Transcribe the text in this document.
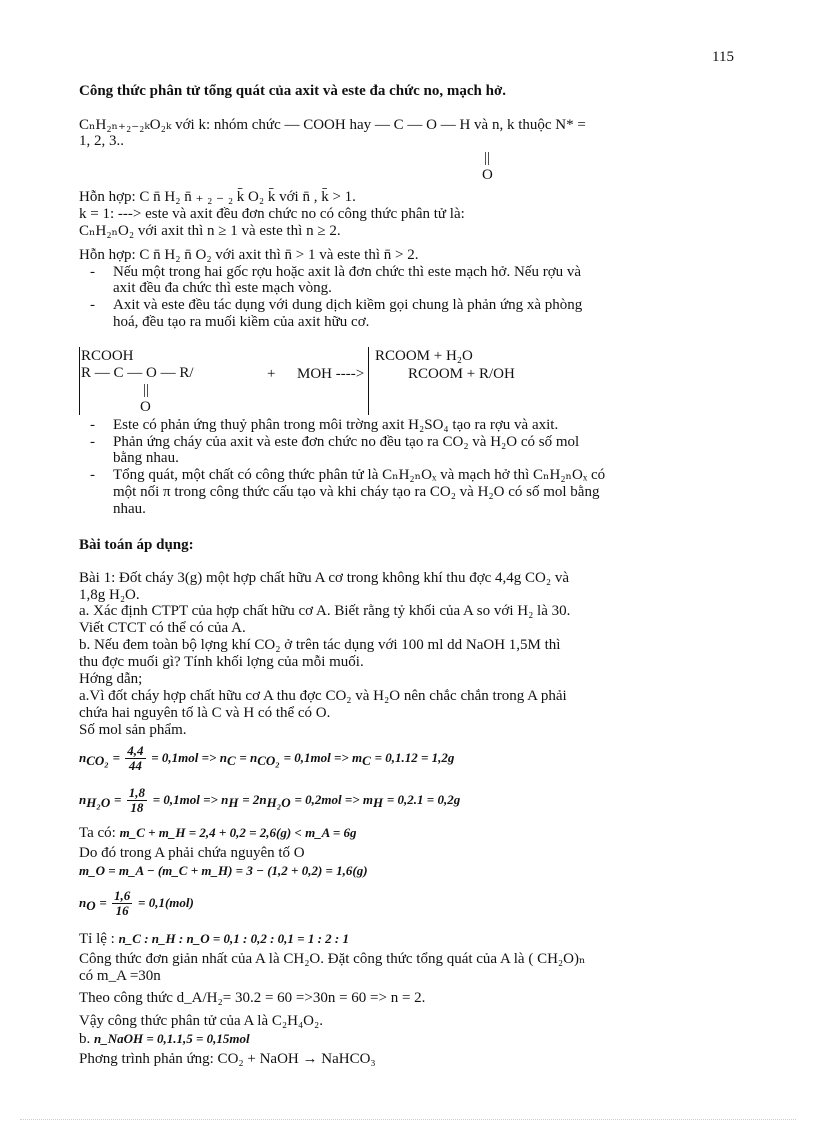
115
Công thức phân tử tổng quát của axit và este đa chức no, mạch hở.
CₙH₂ₙ₊₂₋₂ₖO₂ₖ với k: nhóm chức — COOH hay — C — O — H và n, k thuộc N* =
1, 2, 3..
||
O
Hỗn hợp: C n̄ H₂ n̄ ₊ ₂ ₋ ₂ k̄ O₂ k̄ với n̄ , k̄ > 1.
k = 1: ---> este và axit đều đơn chức no có công thức phân tử là:
CₙH₂ₙO₂ với axit thì n ≥ 1 và este thì n ≥ 2.
Hỗn hợp: C n̄ H₂ n̄ O₂ với axit thì n̄ > 1 và este thì n̄ > 2.
- Nếu một trong hai gốc rợu hoặc axit là đơn chức thì este mạch hở. Nếu rợu và
axit đều đa chức thì este mạch vòng.
- Axit và este đều tác dụng với dung dịch kiềm gọi chung là phản ứng xà phòng
hoá, đều tạo ra muối kiềm của axit hữu cơ.
RCOOH
R — C — O — R/
||
O
+ MOH ---->
RCOOM + H₂O
RCOOM + R/OH
- Este có phản ứng thuỷ phân trong môi trờng axit H₂SO₄ tạo ra rợu và axit.
- Phản ứng cháy của axit và este đơn chức no đều tạo ra CO₂ và H₂O có số mol
bằng nhau.
- Tổng quát, một chất có công thức phân tử là CₙH₂ₙOₓ và mạch hở thì CₙH₂ₙOₓ có
một nối π trong công thức cấu tạo và khi cháy tạo ra CO₂ và H₂O có số mol bằng
nhau.
Bài toán áp dụng:
Bài 1: Đốt cháy 3(g) một hợp chất hữu A cơ trong không khí thu đợc 4,4g CO₂ và
1,8g H₂O.
a. Xác định CTPT của hợp chất hữu cơ A. Biết rằng tỷ khối của A so với H₂ là 30.
Viết CTCT có thể có của A.
b. Nếu đem toàn bộ lợng khí CO₂ ở trên tác dụng với 100 ml dd NaOH 1,5M thì
thu đợc muối gì? Tính khối lợng của mỗi muối.
Hớng dẫn;
a.Vì đốt cháy hợp chất hữu cơ A thu đợc CO₂ và H₂O nên chắc chắn trong A phải
chứa hai nguyên tố là C và H có thể có O.
Số mol sản phẩm.
$n_{CO_2} = \frac{4,4}{44} = 0,1mol => n_C = n_{CO_2} = 0,1mol => m_C = 0,1.12 = 1,2g$
$n_{H_2O} = \frac{1,8}{18} = 0,1mol => n_H = 2n_{H_2O} = 0,2mol => m_H = 0,2.1 = 0,2g$
Ta có: m_C + m_H = 2,4 + 0,2 = 2,6(g) < m_A = 6g
Do đó trong A phải chứa nguyên tố O
m_O = m_A − (m_C + m_H) = 3 − (1,2 + 0,2) = 1,6(g)
$n_O = \frac{1,6}{16} = 0,1(mol)$
Tỉ lệ : n_C : n_H : n_O = 0,1 : 0,2 : 0,1 = 1 : 2 : 1
Công thức đơn giản nhất của A là CH₂O. Đặt công thức tổng quát của A là ( CH₂O)ₙ
có m_A =30n
Theo công thức d_A/H₂= 30.2 = 60 =>30n = 60 => n = 2.
Vậy công thức phân tử của A là C₂H₄O₂.
b. n_NaOH = 0,1.1,5 = 0,15mol
Phơng trình phản ứng: CO₂ + NaOH → NaHCO₃
